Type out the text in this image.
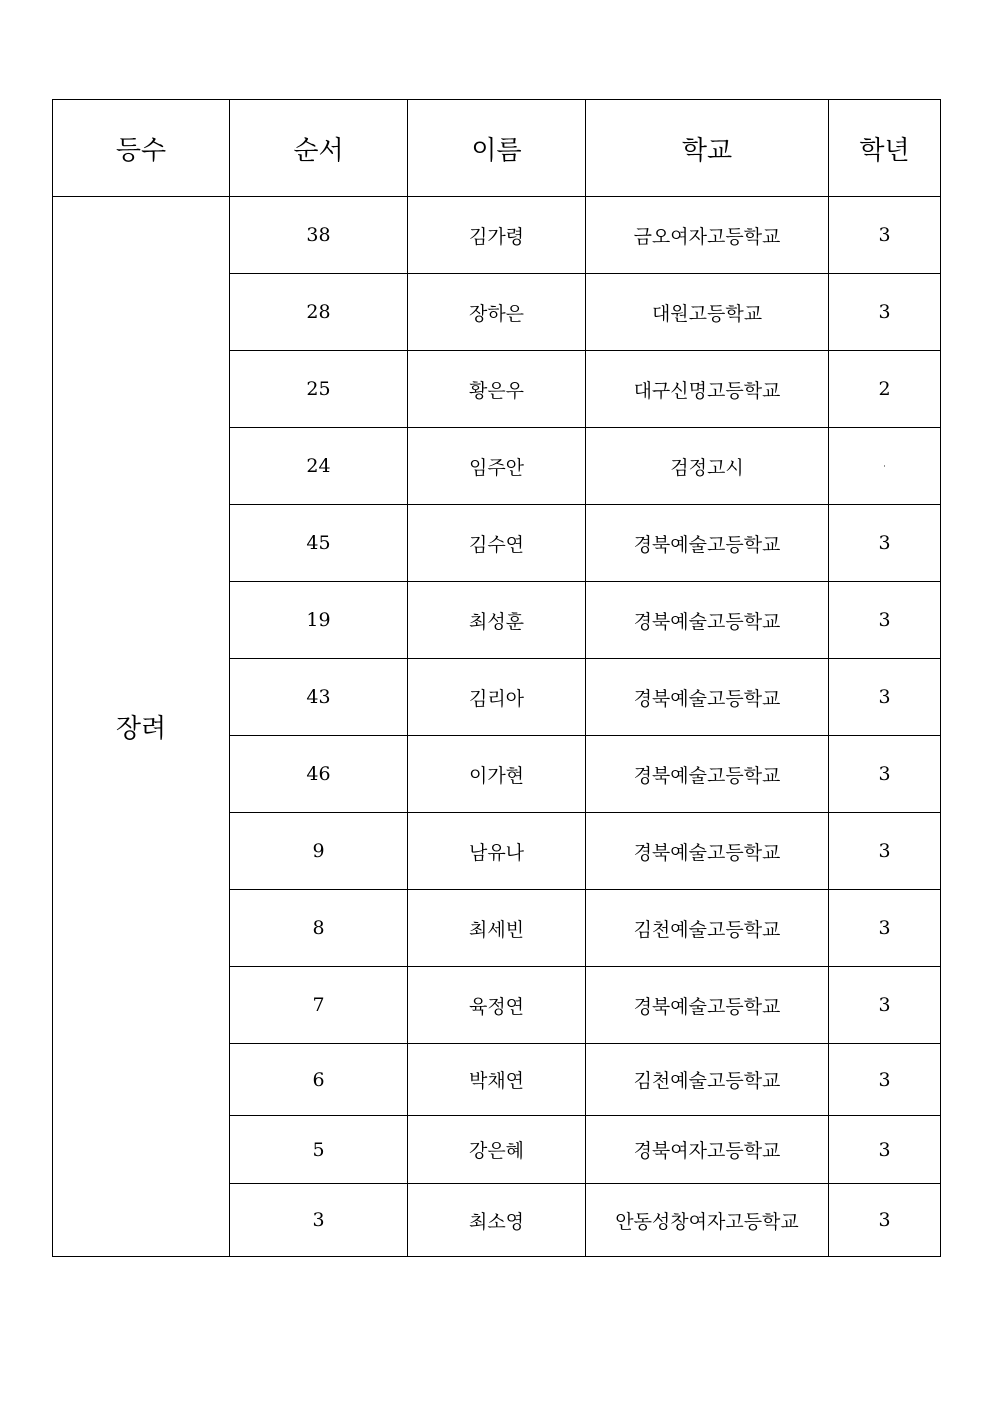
등수	순서	이름	학교	학년
장려	38	김가령	금오여자고등학교	3
	28	장하은	대원고등학교	3
	25	황은우	대구신명고등학교	2
	24	임주안	검정고시	·
	45	김수연	경북예술고등학교	3
	19	최성훈	경북예술고등학교	3
	43	김리아	경북예술고등학교	3
	46	이가현	경북예술고등학교	3
	9	남유나	경북예술고등학교	3
	8	최세빈	김천예술고등학교	3
	7	육정연	경북예술고등학교	3
	6	박채연	김천예술고등학교	3
	5	강은혜	경북여자고등학교	3
	3	최소영	안동성창여자고등학교	3
